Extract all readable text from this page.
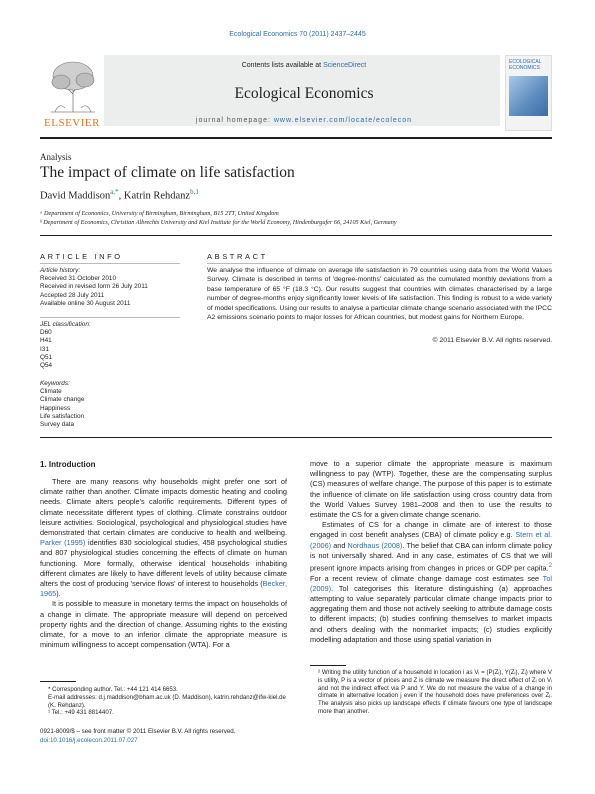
Ecological Economics 70 (2011) 2437–2445
ELSEVIER
Contents lists available at ScienceDirect
Ecological Economics
journal homepage: www.elsevier.com/locate/ecolecon
ECOLOGICAL ECONOMICS
Analysis
The impact of climate on life satisfaction
David Maddison$^{a,*}$, Katrin Rehdanz$^{b,1}$
ᵃ Department of Economics, University of Birmingham, Birmingham, B15 2TT, United Kingdom
ᵇ Department of Economics, Christian Albrechts University and Kiel Institute for the World Economy, Hindenburgufer 66, 24105 Kiel, Germany
ARTICLE INFO
Article history:
Received 31 October 2010
Received in revised form 26 July 2011
Accepted 28 July 2011
Available online 30 August 2011
JEL classification:
D60
H41
I31
Q51
Q54
Keywords:
Climate
Climate change
Happiness
Life satisfaction
Survey data
ABSTRACT
We analyse the influence of climate on average life satisfaction in 79 countries using data from the World Values Survey. Climate is described in terms of 'degree-months' calculated as the cumulated monthly deviations from a base temperature of 65 °F (18.3 °C). Our results suggest that countries with climates characterised by a large number of degree-months enjoy significantly lower levels of life satisfaction. This finding is robust to a wide variety of model specifications. Using our results to analyse a particular climate change scenario associated with the IPCC A2 emissions scenario points to major losses for African countries, but modest gains for Northern Europe.
© 2011 Elsevier B.V. All rights reserved.
1. Introduction

There are many reasons why households might prefer one sort of climate rather than another. Climate impacts domestic heating and cooling needs. Climate alters people's calorific requirements. Different types of climate necessitate different types of clothing. Climate constrains outdoor leisure activities. Sociological, psychological and physiological studies have demonstrated that certain climates are conducive to health and wellbeing. Parker (1995) identifies 830 sociological studies, 458 psychological studies and 807 physiological studies concerning the effects of climate on human functioning. More formally, otherwise identical households inhabiting different climates are likely to have different levels of utility because climate alters the cost of producing 'service flows' of interest to households (Becker, 1965).

It is possible to measure in monetary terms the impact on households of a change in climate. The appropriate measure will depend on perceived property rights and the direction of change. Assuming rights to the existing climate, for a move to an inferior climate the appropriate measure is minimum willingness to accept compensation (WTA). For a

move to a superior climate the appropriate measure is maximum willingness to pay (WTP). Together, these are the compensating surplus (CS) measures of welfare change. The purpose of this paper is to estimate the influence of climate on life satisfaction using cross country data from the World Values Survey 1981–2008 and then to use the results to estimate the CS for a given climate change scenario.

Estimates of CS for a change in climate are of interest to those engaged in cost benefit analyses (CBA) of climate policy e.g. Stern et al. (2006) and Nordhaus (2008). The belief that CBA can inform climate policy is not universally shared. And in any case, estimates of CS that we will present ignore impacts arising from changes in prices or GDP per capita.$^2$ For a recent review of climate change damage cost estimates see Tol (2009). Tol categorises this literature distinguishing (a) approaches attempting to value separately particular climate change impacts prior to aggregating them and those not actively seeking to attribute damage costs to different impacts; (b) studies confining themselves to market impacts and others dealing with the nonmarket impacts; (c) studies explicitly modelling adaptation and those using spatial variation in

* Corresponding author. Tel.: +44 121 414 6653.
E-mail addresses: d.j.maddison@bham.ac.uk (D. Maddison), katrin.rehdanz@ifw-kiel.de (K. Rehdanz).
¹ Tel.: +49 431 8814407.
² Writing the utility function of a household in location i as Vᵢ = (P(Zᵢ), Y(Zᵢ), Zᵢ) where V is utility, P is a vector of prices and Z is climate we measure the direct effect of Zᵢ on Vᵢ and not the indirect effect via P and Y. We do not measure the value of a change in climate in alternative location j even if the household does have preferences over Zⱼ. The analysis also picks up landscape effects if climate favours one type of landscape more than another.
0921-8009/$ – see front matter © 2011 Elsevier B.V. All rights reserved.
doi:10.1016/j.ecolecon.2011.07.027
